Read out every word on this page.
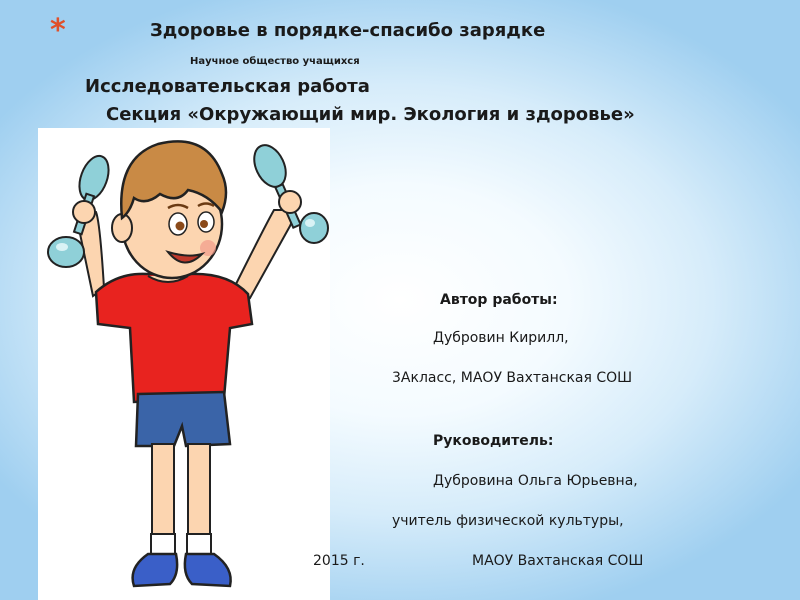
*	Здоровье в порядке-спасибо зарядке
Научное общество учащихся
Исследовательская работа
Секция «Окружающий мир. Экология и здоровье»
Автор работы:
Дубровин Кирилл,
3Акласс, МАОУ Вахтанская СОШ
Руководитель:
Дубровина Ольга Юрьевна,
учитель физической культуры,
2015 г.	МАОУ Вахтанская СОШ
